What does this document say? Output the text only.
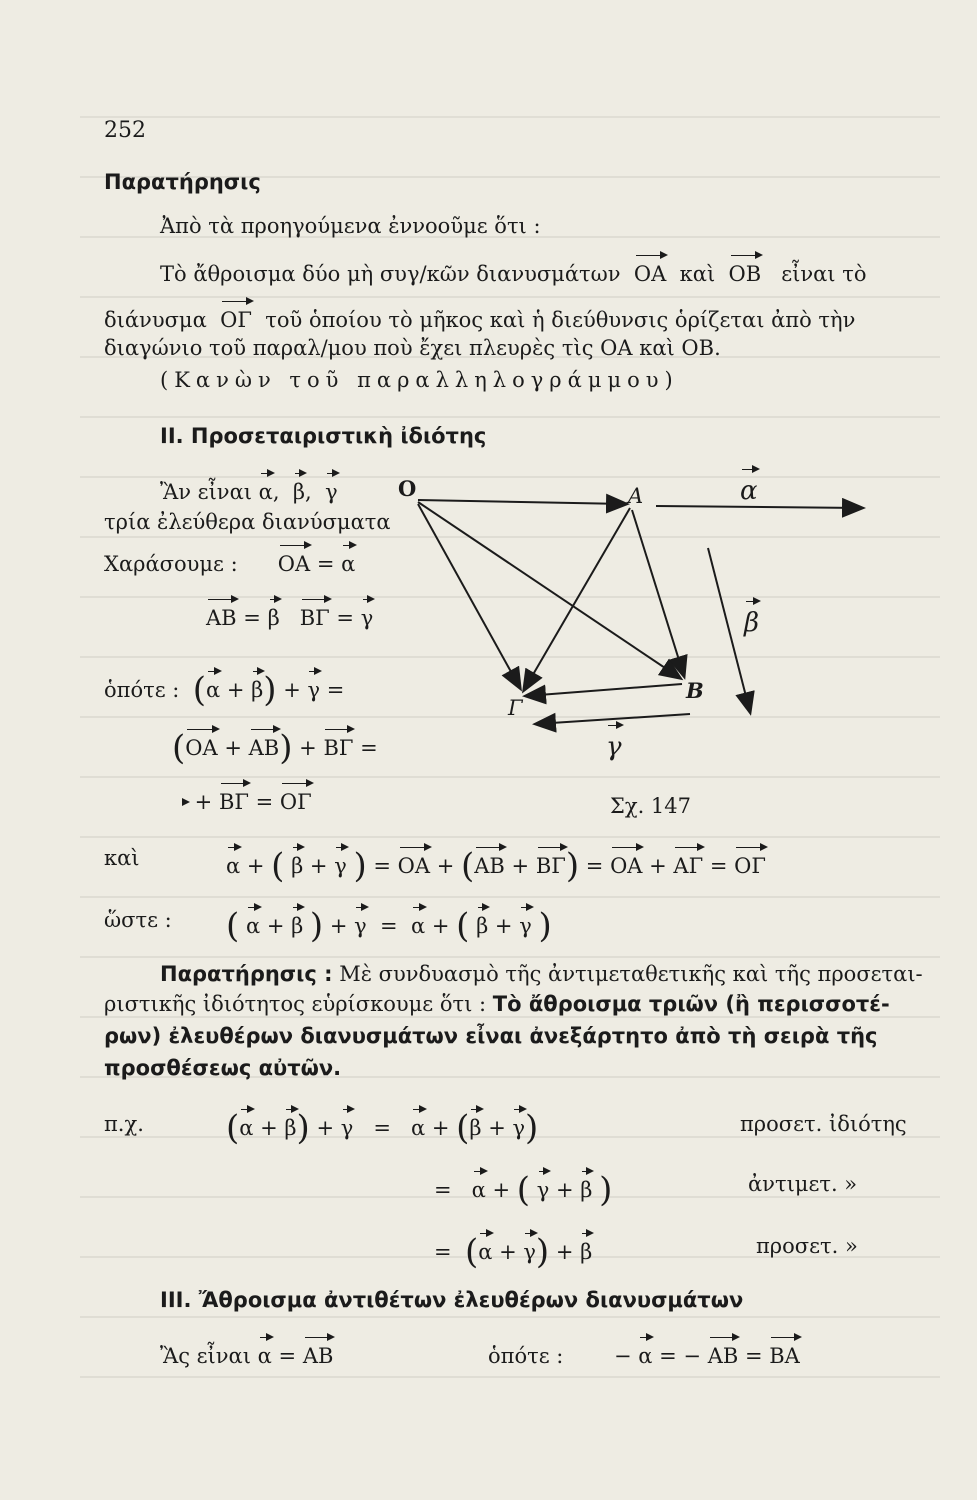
252
Παρατήρησις
Ἀπὸ τὰ προηγούμενα ἐννοοῦμε ὅτι :
Τὸ ἄθροισμα δύο μὴ συγ/κῶν διανυσμάτων ΟΑ καὶ ΟΒ εἶναι τὸ
διάνυσμα ΟΓ τοῦ ὁποίου τὸ μῆκος καὶ ἡ διεύθυνσις ὁρίζεται ἀπὸ τὴν
διαγώνιο τοῦ παραλ/μου ποὺ ἔχει πλευρὲς τὶς ΟΑ καὶ ΟΒ.
(Κανὼν τοῦ παραλληλογράμμου)
ΙΙ. Προσεταιριστικὴ ἰδιότης
Ἂν εἶναι α,  β,  γ
τρία ἐλεύθερα διανύσματα
Χαράσουμε : ΟΑ = α
ΑΒ = β ΒΓ = γ
ὁπότε : (α + β) + γ =
(ΟΑ + ΑΒ) + ΒΓ =
+ ΒΓ = ΟΓ
καὶ	α + ( β + γ ) = ΟΑ + (ΑΒ + ΒΓ) = ΟΑ + ΑΓ = ΟΓ
ὥστε : ( α + β ) + γ  =  α + ( β + γ )
Παρατήρησις : Μὲ συνδυασμὸ τῆς ἀντιμεταθετικῆς καὶ τῆς προσεται-
ριστικῆς ἰδιότητος εὑρίσκουμε ὅτι : Τὸ ἄθροισμα τριῶν (ἢ περισσοτέ-
ρων) ἐλευθέρων διανυσμάτων εἶναι ἀνεξάρτητο ἀπὸ τὴ σειρὰ τῆς
προσθέσεως αὐτῶν.
π.χ. (α + β) + γ   =   α + (β + γ)	προσετ. ἰδιότης
=   α + ( γ + β )	ἀντιμετ. »
=  (α + γ) + β	προσετ. »
ΙΙΙ. Ἄθροισμα ἀντιθέτων ἐλευθέρων διανυσμάτων
Ἂς εἶναι α = ΑΒ	ὁπότε : − α = − ΑΒ = ΒΑ
Ο	Α
Β
Γ
α
β
γ
Σχ. 147
